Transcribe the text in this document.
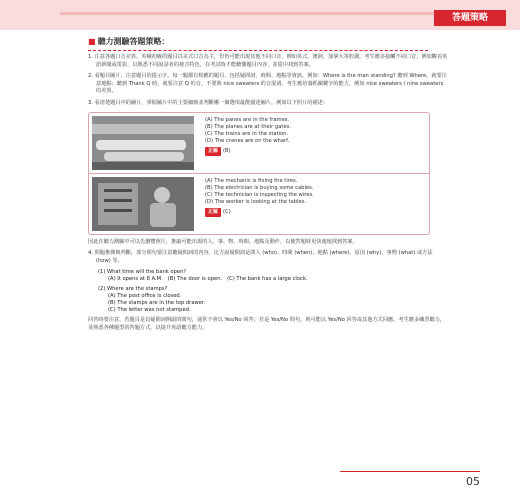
答題策略
■ 聽力測驗答題策略：
1. 注意各題口音差異。英檢初級的題目以美式口音為主，但仍可能出現其他不同口音，例如英式、澳洲、加拿大等腔調。考生應多接觸不同口音，例如觀看英語新聞或電影，以熟悉不同說話者的發音特色，在考試時才能聽懂題目內容，並從中找到答案。
2. 看題目圖片，注意題目的提示字。每一題都有相應的題目，包括疑問詞、時間、地點等資訊。例如：Where is the man standing? 聽到 Where，就要注意地點；聽到 Thank Q 時，就要注意 Q 的音，不要與 nice sweaters 的音混淆。考生應培養抓關鍵字的能力，例如 nice sweaters / nine sweaters 的差異。
3. 看清楚題目中的圖片，掌握圖片中的主要細節並判斷哪一個選項最能描述圖片。例如以下照片的描述：
(A) The panes are in the frames.
(B) The planes are at their gates.
(C) The trains are in the station.
(D) The cranes are on the wharf.
正解 (B)
(A) The mechanic is fixing the tires.
(B) The electrician is buying some cables.
(C) The technician is inspecting the wires.
(D) The worker is looking at the tables.
正解 (C)
因此在聽力測驗中可以先瀏覽照片，推敲可能出現的人、事、物、時間、地點及動作，以便答題時更快速地找到答案。
4. 問題推測與判斷，部分問句要注意聽疑問詞的內容，比方說疑問詞是問人 (who)、時間 (when)、地點 (where)、原因 (why)、事物 (what) 或方法 (how) 等。
(1) What time will the bank open?
(A) It opens at 8 A.M. (B) The door is open. (C) The bank has a large clock.
(2) Where are the stamps?
(A) The post office is closed.
(B) The stamps are in the top drawer.
(C) The letter was not stamped.
回答時要注意，若題目是以疑問詞開頭的問句，通常不會以 Yes/No 回答；若是 Yes/No 問句，則可能以 Yes/No 回答或其他方式回應。考生應多練習聽力，並熟悉各種題型的答題方式，以提升英語聽力能力。
05
